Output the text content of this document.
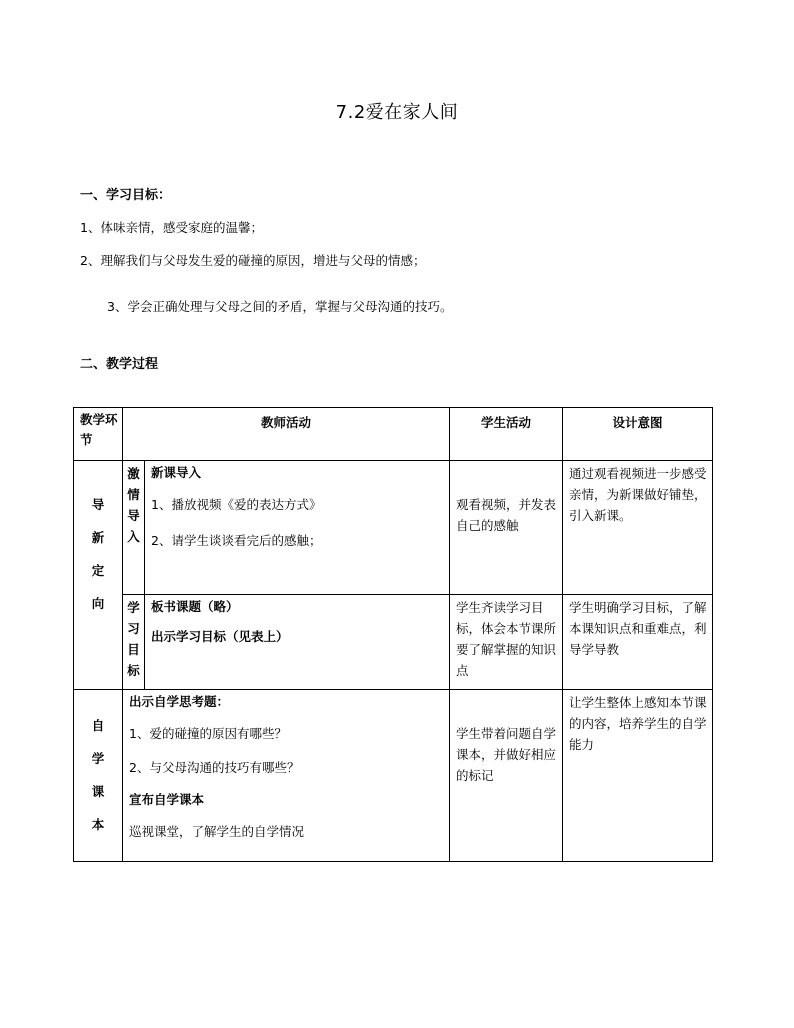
7.2爱在家人间
一、学习目标：
1、体味亲情，感受家庭的温馨；
2、理解我们与父母发生爱的碰撞的原因，增进与父母的情感；
3、学会正确处理与父母之间的矛盾，掌握与父母沟通的技巧。
二、教学过程
教学环节	教师活动		学生活动	设计意图

导
新
定
向	激
情
导
入	新课导入
1、播放视频《爱的表达方式》
2、请学生谈谈看完后的感触；	观看视频，并发表自己的感触	通过观看视频进一步感受亲情，为新课做好铺垫，引入新课。

	学
习
目
标	板书课题（略）
出示学习目标（见表上）	学生齐读学习目标，体会本节课所要了解掌握的知识点	学生明确学习目标，了解本课知识点和重难点，利导学导教

自
学
课
本	出示自学思考题：
1、爱的碰撞的原因有哪些？
2、与父母沟通的技巧有哪些？
宣布自学课本
巡视课堂，了解学生的自学情况		学生带着问题自学课本，并做好相应的标记	让学生整体上感知本节课的内容，培养学生的自学能力
